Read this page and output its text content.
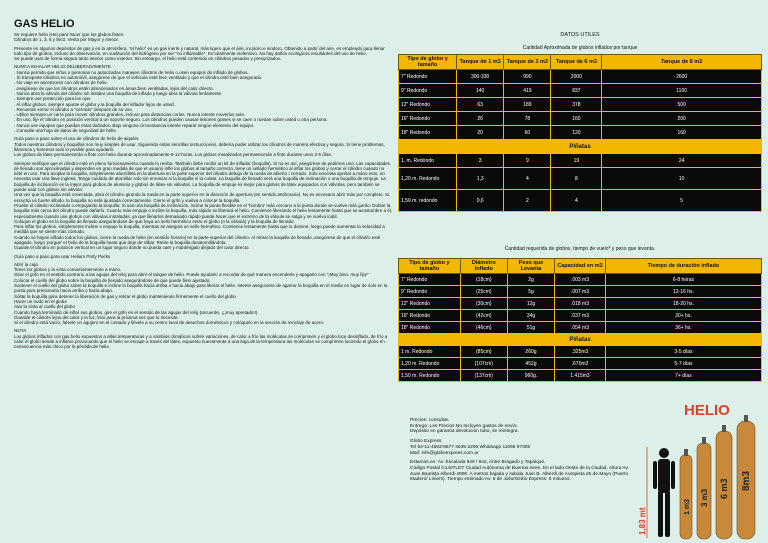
GAS HELIO
Se requiere helio (He) para hacer que los globos floten.
Cilindros de 1, 3, 6 y 8m3. Venta por Mayor y menor.
Presente en algunos depósitos de gas y en la atmósfera, "el helio" es un gas inerte y natural, más ligero que el aire, incoloro e inodoro. Obtenido a partir del aire, es empleado para llenar todo tipo de globos, incluso de observación, en sustitución del hidrógeno por ser "no inflamable". Es totalmente inofensivo. No hay daños ecológicos resultantes del uso de helio.
Se puede usar de forma segura tanto interior como exterior. Sin embargo, el helio está contenido en cilindros pesados y presurizados.
NUNCA INHALAR HELIO DELIBERADAMENTE.
. Nunca permita que niños o personas no autorizadas manejen cilindros de helio o usen equipos de inflado de globos.
. Si transporte cilindros en automóvil, asegúrese de que el vehículo esté bien ventilado y que el cilindro esté bien asegurado.
. No viaje en ascensores con cilindros de helio.
. Asegúrese de que los cilindros estén almacenados en áreas bien ventiladas, lejos del calor directo.
. Nunca abra la válvula del cilindro sin instalar una boquilla de inflado y luego abra la válvula lentamente.
. Siempre use protección para los ojos
. Al inflar globos, siempre apunte el globo y la boquilla del inflador lejos de usted.
. Recuerde cerrar el cilindro a "cerrado" después de su uso.
. Utilice siempre un carro para mover cilindros grandes, incluso para distancias cortas. Nunca intente moverlos solo.
. En uso, fije el cilindro en posición vertical a un soporte seguro. Los cilindros pueden causar lesiones graves si se caen o ruedan sobre usted u otra persona.
. Nunca use equipos que puedan estar dañados. Bajo ninguna circunstancia intente reparar ningún elemento del equipo.
. Consulte una hoja de datos de seguridad de helio.
Guía paso a paso sobre el uso de cilindros de helio de alquiler.
Todos nuestros cilindros y boquillas son muy simples de usar. Siguiendo estas sencillas instrucciones, debería poder utilizar los cilindros de manera efectiva y segura. Si tiene problemas, llámenos y haremos todo lo posible para ayudarlo.
Los globos de látex permanecerán a flote con helio durante aproximadamente 8-12 horas. Los globos metalizados permanecerán a flote durante unos 2-5 días.
Siempre verifique que el cilindro esté en pleno funcionamiento cuando lo reciba. También debe recibir un kit de inflador (boquilla). Si no es así, asegúrese de pedirnos uno. Las capacidades de llenado son aproximadas y dependen en gran medida de que el usuario infle los globos al tamaño correcto, tiene un sellado hermético al inflar los globos y cerrar el cilindro cuando no esté en uso. Para acoplar la boquilla, simplemente atorníllela en la abertura en la parte superior del cilindro debajo de la rueda de abierto / cerrado. Solo necesita apretar a mano esto, no necesita usar una llave inglesa. Tenga cuidado de atornillar solo sin enroscar ni la boquilla ni la culata. La boquilla de llenado será una boquilla de inclinación o una boquilla de empuje. La boquilla de inclinación es la mejor para globos de aluminio y globos de látex sin válvulas. La boquilla de empuje es mejor para globos de látex equipados con válvulas, pero también se puede usar con globos sin válvula.
Una vez que la boquilla está conectada, abra el cilindro girando la rueda en la parte superior en la dirección de apertura (en sentido antihorario). No es necesario abrir más por completo. Si escucha un fuerte silbido, la boquilla no está ajustada correctamente. Cierre el grifo y vuelva a colocar la boquilla.
Pruebe el cilindro inclinando o empujando la boquilla. Si usa una boquilla de inclinación, incline la punta flexible en el 'hombro' más cercano a la punta donde se vuelve más gordo. Doblar la boquilla más cerca del cilindro puede dañarlo. Cuanto más empuje o incline la boquilla, más rápido se liberará el helio. Comience liberando el helio lentamente hasta que se acostumbre a él, especialmente cuando use globos con válvulas instaladas, ya que llenarlos demasiado rápido puede hacer que el extremo de la válvula se salga y se vuelva inútil.
Coloque el globo en la boquilla de llenado asegurándose de que haya un sello hermético entre el globo (o la válvula) y la boquilla de llenado.
Para inflar los globos, simplemente incline o empuje la boquilla, mientras se asegura un sello hermético. Comience lentamente hasta que lo domine, luego puede aumentar la velocidad a medida que se siente más cómodo.
Cuando se hayan inflado todos los globos, cierre la rueda de helio (en sentido horario) en la parte superior del cilindro. Al retirar la boquilla de llenado, asegúrese de que el cilindro esté apagado, luego 'purgue' el helio de la boquilla hasta que deje de silbar. Retire la boquilla desatornillándola.
Guarde el cilindro en posición vertical en un lugar seguro donde no pueda caer y manténgalo alejado del calor directo.
Guía paso a paso para usar Helium Party Packs
Abrir la caja
Tener los globos y la cinta convenientemente a mano.
Girar el grifo en el sentido contrario a las agujas del reloj para abrir el tanque de helio. Puede ayudarlo a recordar de qué manera encenderlo y apagarlo con "¡Muy bien, muy fijo!"
Colocar el cuello del globo sobre la boquilla de llenado asegurándose de que quede bien ajustado.
Sostener el cuello del globo sobre la boquilla e incline la boquilla hacia arriba o hacia abajo para liberar el helio. Intente asegurarse de agarrar la boquilla en el medio en lugar de solo en la punta para presionarla hacia arriba o hacia abajo.
Soltar la boquilla para detener la liberación de gas y retirar el globo manteniendo firmemente el cuello del globo
Hacer un nudo en el globo
Atar la cinta al cuello del globo
Cuando haya terminado de inflar sus globos, gire el grifo en el sentido de las agujas del reloj (recuerde, ¡¡¡muy apretado!!)
Guardar el cilindro lejos del calor y la luz, listo para la próxima vez que lo necesite.
Si el cilindro está vacío, falsete un agujero en el costado y llévelo a su centro local de desechos domésticos y colóquelo en la sección de reciclaje de acero.
NOTA:
Los globos inflados con gas helio expuestos a altas temperaturas y a cambios climáticos sufren variaciones, de calor a frío las moléculas se comprimen y el globo luce desinflado, de frío a calor el globo tiende a inflarse provocando que el helio se escape a través del látex, expuesto nuevamente a una baja de la temperatura las moléculas se comprimen luciendo el globo en consecuencia más chico por la pérdida de helio.
DATOS UTILES
Cantidad Aproximada de globos inflados por tanque
Tipo de globo y tamaño	Tanque de 1 m3	Tanque de 3 m3	Tanque de 6 m3	Tanque de 8 m3
7" Redondo	300-330	990	2000	2600
9" Redondo	140	419	837	1100
12" Redondo	63	189	378	500
16" Redondo	26	78	160	200
18" Redondo	20	60	120	160
Piñatas				
1. m. Redondo	3	9	19	24
1,20 m. Redondo	1,3	4	8	10
1,50 m. redondo	0,6	2	4	5
Cantidad requerida de globos, tiempo de vuelo* y peso que levanta.
Tipo de globo y tamaño	Diámetro Inflado	Peso que Levanta	Capacidad en m3	Tiempo de duración inflado
7" Redondo	(18cm)	2g	.003 m3	6-8 horas
9" Redondo	(25cm)	5g	.007 m3	12-16 hs.
12" Redondo	(30cm)	12g	.018 m3	18-20 hs.
16" Redondo	(42cm)	34g	.037 m3	30+ hs.
18" Redondo	(46cm)	51g	.054 m3	36+ hs.
Piñatas				
1 m. Redondo	(85cm)	260g	.325m3	3-5 días
1,20 m. Redondo	(107cm)	452g	.670m3	5-7 días
1,50 m. Redondo	(137cm)	960g.	1.415m3	7+ días
Precios: consultar.
Entrega: Los Precios No Incluyen gastos de envío.
Depósito en garantía devolución tubo, se reintegra.
Globo Express
Tel 54-11-4683-8577 4635-2296 Whatsapp 11655 97309
Mail: info@globoexpress.com.ar
Estamos en: Av. Escalada 940 / 942, entre Bragado y Tapalqué.
Código Postal C1407LDT Ciudad Autónoma de Buenos Aires. En el lado Oeste de la Ciudad. Altura Av. Juan Bautista Alberdi 4900. A metros bajada y subida Juan B. Alberdi de Autopista 25 de Mayo (Puerto Madero/ Liniers). Tiempo estimado Av. 9 de Julio/Globo Express: 6 minutos.
HELIO
1 m3
3 m3 6 m3 8m3
1,83 mt
